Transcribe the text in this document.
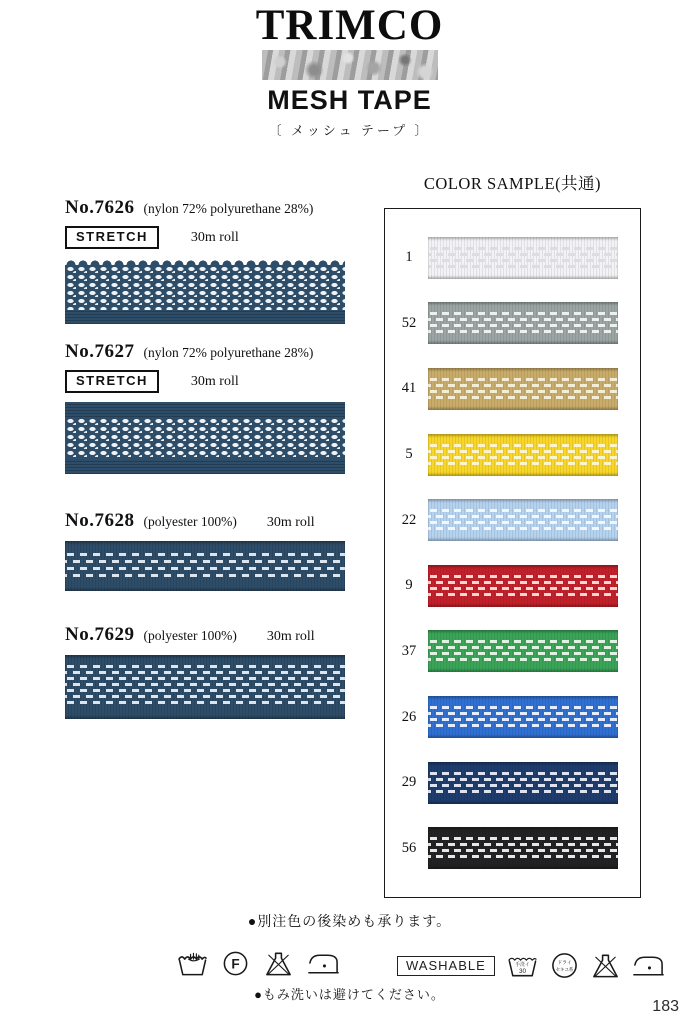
TRIMCO
MESH TAPE
〔 メッシュ テープ 〕
No.7626 (nylon 72% polyurethane 28%)
STRETCH	30m roll
No.7627 (nylon 72% polyurethane 28%)
STRETCH	30m roll
No.7628 (polyester 100%) 30m roll
No.7629 (polyester 100%) 30m roll
COLOR SAMPLE(共通)
1
52
41
5
22
9
37
26
29
56
●別注色の後染めも承ります。
F	WASHABLE	手洗イ
30
ドライ
セキユ系
●もみ洗いは避けてください。
183
